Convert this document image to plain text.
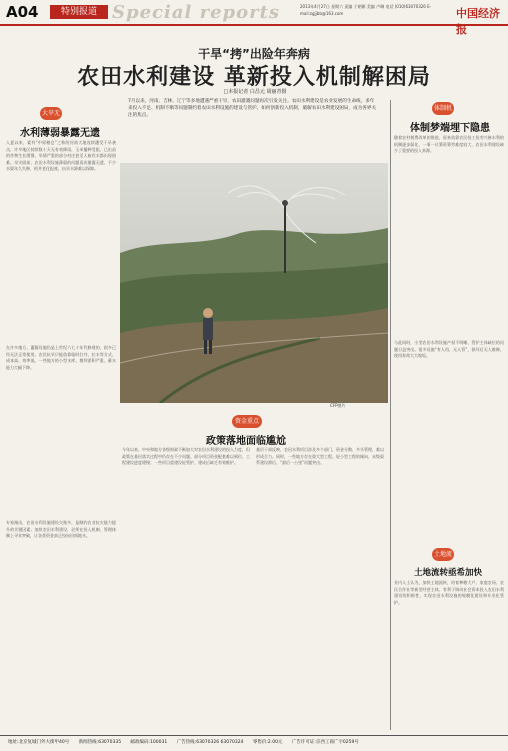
A04	特别报道 Special reports	2013年4月27日 星期六 责编 于朝雁 美编 卢琳 电话 (010)63070326 E-mail:zgjjbb@163.com	中国经济报
干旱“拷”出险年奔病
农田水利建设 革新投入机制解困局
□本报记者 白昌元 胡丽青摄
7月以来，河南、吉林、辽宁等多地遭遇严重干旱，农田灌溉问题再次引发关注。农田水利建设是农业发展的生命线，多年来投入不足、机制不顺等问题制约着农田水利设施的建设与管护。如何创新投入机制，破解农田水利建设困局，成为各界关注的焦点。
大旱无水
水利薄弱暴露无遗
入夏以来，素有“中原粮仓”之称的河南大地连续遭受干旱袭击，许多地区持续数十天无有效降雨，玉米播种受阻，已出苗的作物生长缓慢，旱情严重的部分村庄甚至人畜饮水都出现困难。旱灾面前，农田水利设施薄弱的问题再次暴露无遗，不少水渠年久失修，机井老化报废，抗旱水源难以保障。
在许多地方，灌溉设施仍是上世纪六七十年代修建的，很多已经无法正常使用。农民抗旱只能依靠临时打井、拉水等方式，成本高、效率低。一些地方的小型水库、塘坝淤积严重，蓄水能力大幅下降。
专家指出，农田水利设施建设欠账多，是制约农业抗灾能力提升的关键因素。加快农田水利建设，必须在投入机制、管理体制上寻求突破，让各类资金真正投向田间地头。
CFP图片
资金重点
政策落地面临尴尬
今年以来，中央和地方各级财政不断加大对农田水利建设的投入力度，但政策在基层落实过程中仍存在不少问题。部分项目资金配套难以到位，工程建设进度缓慢；一些项目重建设轻管护，建成后缺乏有效维护。
基层干部反映，农田水利项目涉及多个部门，资金分散、多头管理，难以形成合力。同时，一些地方存在重大型工程、轻小型工程的倾向，末级渠系建设滞后，“最后一公里”问题突出。
体制机
体制梦端埋下隐患
随着农村税费改革的推进，原来依靠农民投工投劳兴修水利的机制逐步弱化，一事一议筹资筹劳难度较大，农田水利建设缺少了重要的投入来源。
与此同时，小型农田水利设施产权不明晰、管护主体缺位的问题日益突出。很多设施“有人用、无人管”，损坏后无人维修，使用寿命大大缩短。
土地流
土地流转亟希加快
业内人士认为，加快土地流转，培育种粮大户、家庭农场、农民合作社等新型经营主体，有利于调动社会资本投入农田水利建设的积极性，实现农田水利设施的规模化建设和专业化管护。
地址:北京复城门外大街甲40号 新闻热线:63070335 邮政编码:100031 广告热线:63070326 63070324 零售价:2.00元 广告许可证:京西工商广字0259号
